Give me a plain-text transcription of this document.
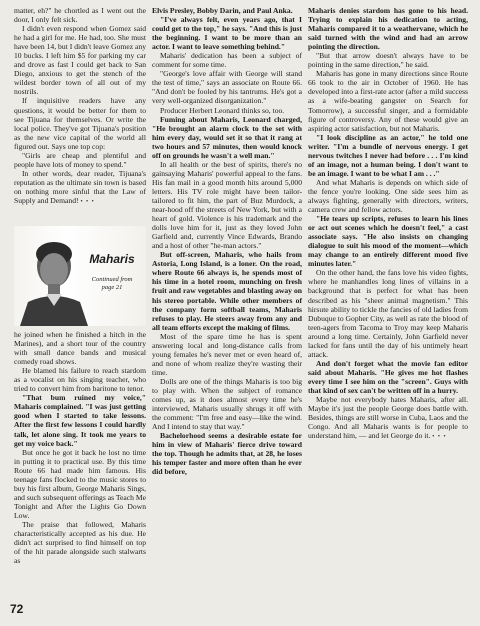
matter, eh?" he chortled as I went out the door, I only felt sick.

I didn't even respond when Gomez said he had a girl for me. He had, too. She must have been 14, but I didn't leave Gomez any 10 bucks. I left him $5 for parking my car and drove as fast I could get back to San Diego, anxious to get the stench of the wildest border town of all out of my nostrils.

If inquisitive readers have any questions, it would be better for them to see Tijuana for themselves. Or write the local police. They've got Tijuana's position as the new vice capital of the world all figured out. Says one top cop:

"Girls are cheap and plentiful and people have lots of money to spend."

In other words, dear reader, Tijuana's reputation as the ultimate sin town is based on nothing more sinful that the Law of Supply and Demand! • • •

Maharis
Continued from
page 21

he joined when he finished a hitch in the Marines), and a short tour of the country with small dance bands and musical comedy road shows.

He blamed his failure to reach stardom as a vocalist on his singing teacher, who tried to convert him from baritone to tenor.

"That bum ruined my voice," Maharis complained. "I was just getting good when I started to take lessons. After the first few lessons I could hardly talk, let alone sing. It took me years to get my voice back."

But once he got it back he lost no time in putting it to practical use. By this time Route 66 had made him famous. His teenage fans flocked to the music stores to buy his first album, George Maharis Sings, and such subsequent offerings as Teach Me Tonight and After the Lights Go Down Low.

The praise that followed, Maharis characteristically accepted as his due. He didn't act surprised to find himself on top of the hit parade alongside such stalwarts as

Elvis Presley, Bobby Darin, and Paul Anka.

"I've always felt, even years ago, that I could get to the top," he says. "And this is just the beginning. I want to be more than an actor. I want to leave something behind."

Maharis' dedication has been a subject of comment for some time.

"George's love affair with George will stand the test of time," says an associate on Route 66. "And don't be fooled by his tantrums. He's got a very well-organized disorganization."

Producer Herbert Leonard thinks so, too.

Fuming about Maharis, Leonard charged, "He brought an alarm clock to the set with him every day, would set it so that it rang at two hours and 57 minutes, then would knock off on grounds he wasn't a well man."

In all health or the best of spirits, there's no gainsaying Maharis' powerful appeal to the fans. His fan mail in a good month hits around 5,000 letters. His TV role might have been tailor-tailored to fit him, the part of Buz Murdock, a near-hood off the streets of New York, but with a heart of gold. Violence is his trademark and the dolls love him for it, just as they loved John Garfield and, currently Vince Edwards, Brando and a host of other "he-man actors."

But off-screen, Maharis, who hails from Astoria, Long Island, is a loner. On the road, where Route 66 always is, he spends most of his time in a hotel room, munching on fresh fruit and raw vegetables and blasting away on his stereo portable. While other members of the company form softball teams, Maharis refuses to play. He steers away from any and all team efforts except the making of films.

Most of the spare time he has is spent answering local and long-distance calls from young females he's never met or even heard of, and none of whom realize they're wasting their time.

Dolls are one of the things Maharis is too big to play with. When the subject of romance comes up, as it does almost every time he's interviewed, Maharis usually shrugs it off with the comment: "I'm free and easy—like the wind. And I intend to stay that way."

Bachelorhood seems a desirable estate for him in view of Maharis' fierce drive toward the top. Though he admits that, at 28, he loses his temper faster and more often than he ever did before,

Maharis denies stardom has gone to his head. Trying to explain his dedication to acting, Maharis compared it to a weathervane, which he said turned with the wind and had an arrow pointing the direction.

"But that arrow doesn't always have to be pointing in the same direction," he said.

Maharis has gone in many directions since Route 66 took to the air in October of 1960. He has developed into a first-rate actor (after a mild success as a wife-beating gangster on Search for Tomorrow), a successful singer, and a formidable figure of controversy. Any of these would give an aspiring actor satisfaction, but not Maharis.

"I look discipline as an actor," he told one writer. "I'm a bundle of nervous energy. I get nervous twitches I never had before . . . I'm kind of an image, not a human being. I don't want to be an image. I want to be what I am . . ."

And what Maharis is depends on which side of the fence you're looking. One side sees him as always fighting, generally with directors, writers, camera crew and fellow actors.

"He tears up scripts, refuses to learn his lines or act out scenes which he doesn't feel," a cast associate says. "He also insists on changing dialogue to suit his mood of the moment—which may change to an entirely different mood five minutes later."

On the other hand, the fans love his video fights, where he manhandles long lines of villains in a background that is perfect for what has been described as his "sheer animal magnetism." This hirsute ability to tickle the fancies of old ladies from Dubuque to Gopher City, as well as rate the blood of teen-agers from Tacoma to Troy may keep Maharis around a long time. Certainly, John Garfield never lacked for fans until the day of his untimely heart attack.

And don't forget what the movie fan editor said about Maharis. "He gives me hot flashes every time I see him on the "screen". Guys with that kind of sex can't be written off in a hurry.

Maybe not everybody hates Maharis, after all. Maybe it's just the people George does battle with. Besides, things are still worse in Cuba, Laos and the Congo. And all Maharis wants is for people to understand him, — and let George do it. • • •

72
